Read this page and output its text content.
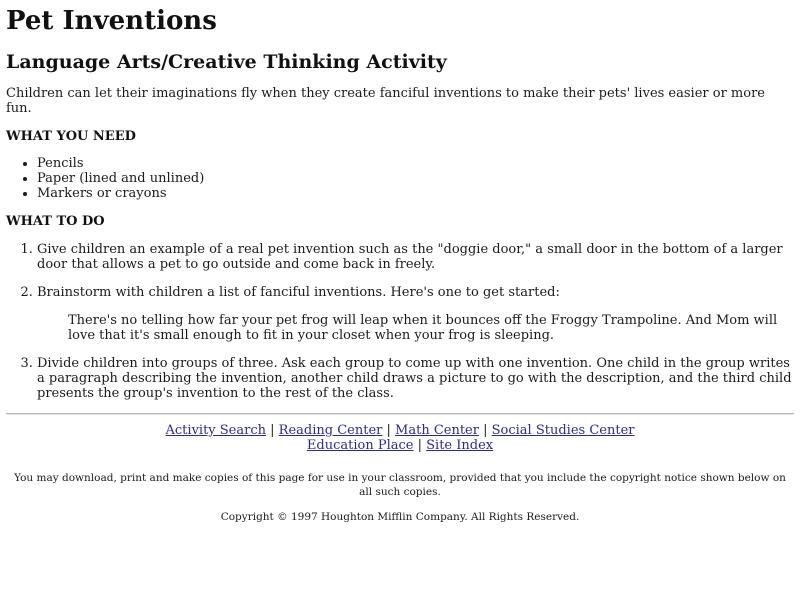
Pet Inventions
Language Arts/Creative Thinking Activity

Children can let their imaginations fly when they create fanciful inventions to make their pets' lives easier or more fun.

WHAT YOU NEED
• Pencils
• Paper (lined and unlined)
• Markers or crayons
WHAT TO DO
1. Give children an example of a real pet invention such as the "doggie door," a small door in the bottom of a larger door that allows a pet to go outside and come back in freely.
2. Brainstorm with children a list of fanciful inventions. Here's one to get started:
There's no telling how far your pet frog will leap when it bounces off the Froggy Trampoline. And Mom will love that it's small enough to fit in your closet when your frog is sleeping.
3. Divide children into groups of three. Ask each group to come up with one invention. One child in the group writes a paragraph describing the invention, another child draws a picture to go with the description, and the third child presents the group's invention to the rest of the class.
Activity Search | Reading Center | Math Center | Social Studies Center
Education Place | Site Index
You may download, print and make copies of this page for use in your classroom, provided that you include the copyright notice shown below on all such copies.
Copyright © 1997 Houghton Mifflin Company. All Rights Reserved.
